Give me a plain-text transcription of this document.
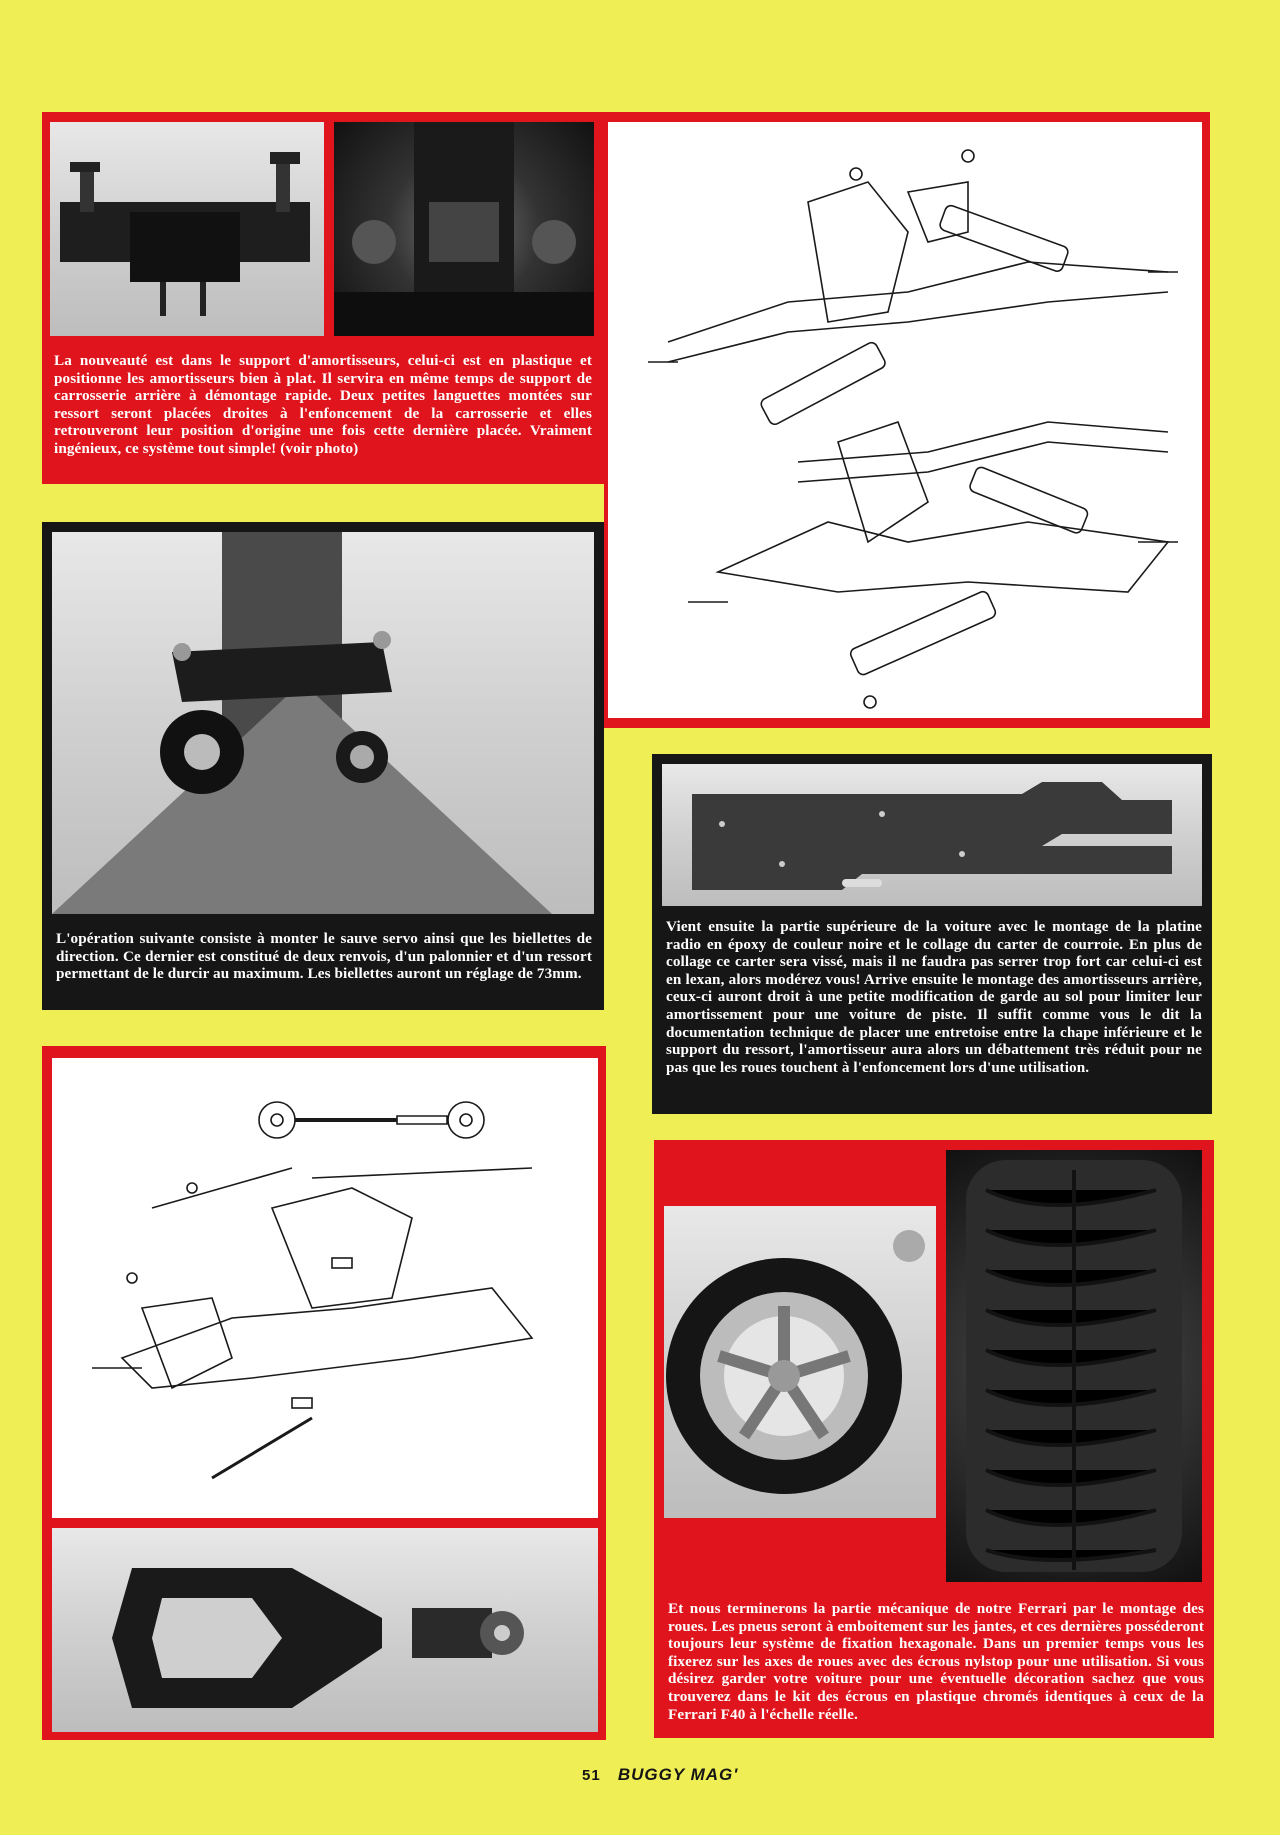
La nouveauté est dans le support d'amortisseurs, celui-ci est en plastique et positionne les amortisseurs bien à plat. Il servira en même temps de support de carrosserie arrière à démontage rapide. Deux petites languettes montées sur ressort seront placées droites à l'enfoncement de la carrosserie et elles retrouveront leur position d'origine une fois cette dernière placée. Vraiment ingénieux, ce système tout simple! (voir photo)
L'opération suivante consiste à monter le sauve servo ainsi que les biellettes de direction. Ce dernier est constitué de deux renvois, d'un palonnier et d'un ressort permettant de le durcir au maximum. Les biellettes auront un réglage de 73mm.
Vient ensuite la partie supérieure de la voiture avec le montage de la platine radio en époxy de couleur noire et le collage du carter de courroie. En plus de collage ce carter sera vissé, mais il ne faudra pas serrer trop fort car celui-ci est en lexan, alors modérez vous! Arrive ensuite le montage des amortisseurs arrière, ceux-ci auront droit à une petite modification de garde au sol pour limiter leur amortissement pour une voiture de piste. Il suffit comme vous le dit la documentation technique de placer une entretoise entre la chape inférieure et le support du ressort, l'amortisseur aura alors un débattement très réduit pour ne pas que les roues touchent à l'enfoncement lors d'une utilisation.
Et nous terminerons la partie mécanique de notre Ferrari par le montage des roues. Les pneus seront à emboitement sur les jantes, et ces dernières posséderont toujours leur système de fixation hexagonale. Dans un premier temps vous les fixerez sur les axes de roues avec des écrous nylstop pour une utilisation. Si vous désirez garder votre voiture pour une éventuelle décoration sachez que vous trouverez dans le kit des écrous en plastique chromés identiques à ceux de la Ferrari F40 à l'échelle réelle.
51 BUGGY MAG'
